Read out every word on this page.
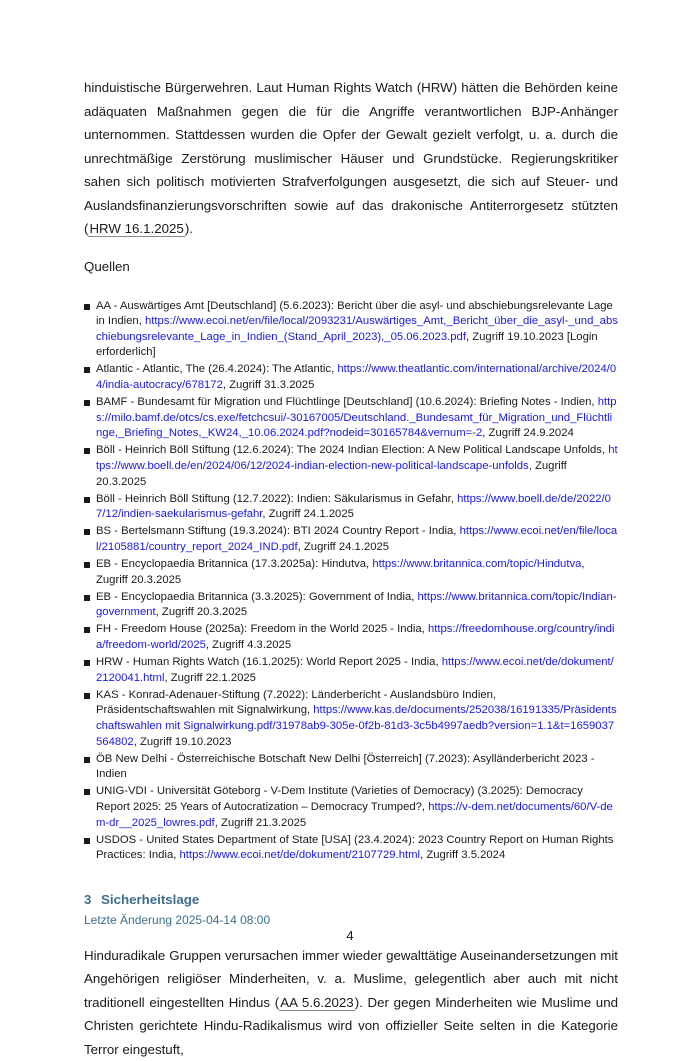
hinduistische Bürgerwehren. Laut Human Rights Watch (HRW) hätten die Behörden keine adäquaten Maßnahmen gegen die für die Angriffe verantwortlichen BJP-Anhänger unternommen. Stattdessen wurden die Opfer der Gewalt gezielt verfolgt, u. a. durch die unrechtmäßige Zerstörung muslimischer Häuser und Grundstücke. Regierungskritiker sahen sich politisch motivierten Strafverfolgungen ausgesetzt, die sich auf Steuer- und Auslandsfinanzierungsvorschriften sowie auf das drakonische Antiterrorgesetz stützten (HRW 16.1.2025).

Quellen

AA - Auswärtiges Amt [Deutschland] (5.6.2023): Bericht über die asyl- und abschiebungsrelevante Lage in Indien, https://www.ecoi.net/en/file/local/2093231/Auswärtiges_Amt,_Bericht_über_die_asyl-_und_abschiebungsrelevante_Lage_in_Indien_(Stand_April_2023),_05.06.2023.pdf, Zugriff 19.10.2023 [Login erforderlich]
Atlantic - Atlantic, The (26.4.2024): The Atlantic, https://www.theatlantic.com/international/archive/2024/04/india-autocracy/678172, Zugriff 31.3.2025
BAMF - Bundesamt für Migration und Flüchtlinge [Deutschland] (10.6.2024): Briefing Notes - Indien, https://milo.bamf.de/otcs/cs.exe/fetchcsui/-30167005/Deutschland._Bundesamt_für_Migration_und_Flüchtlinge,_Briefing_Notes,_KW24,_10.06.2024.pdf?nodeid=30165784&vernum=-2, Zugriff 24.9.2024
Böll - Heinrich Böll Stiftung (12.6.2024): The 2024 Indian Election: A New Political Landscape Unfolds, https://www.boell.de/en/2024/06/12/2024-indian-election-new-political-landscape-unfolds, Zugriff 20.3.2025
Böll - Heinrich Böll Stiftung (12.7.2022): Indien: Säkularismus in Gefahr, https://www.boell.de/de/2022/07/12/indien-saekularismus-gefahr, Zugriff 24.1.2025
BS - Bertelsmann Stiftung (19.3.2024): BTI 2024 Country Report - India, https://www.ecoi.net/en/file/local/2105881/country_report_2024_IND.pdf, Zugriff 24.1.2025
EB - Encyclopaedia Britannica (17.3.2025a): Hindutva, https://www.britannica.com/topic/Hindutva, Zugriff 20.3.2025
EB - Encyclopaedia Britannica (3.3.2025): Government of India, https://www.britannica.com/topic/Indian-government, Zugriff 20.3.2025
FH - Freedom House (2025a): Freedom in the World 2025 - India, https://freedomhouse.org/country/india/freedom-world/2025, Zugriff 4.3.2025
HRW - Human Rights Watch (16.1.2025): World Report 2025 - India, https://www.ecoi.net/de/dokument/2120041.html, Zugriff 22.1.2025
KAS - Konrad-Adenauer-Stiftung (7.2022): Länderbericht - Auslandsbüro Indien, Präsidentschaftswahlen mit Signalwirkung, https://www.kas.de/documents/252038/16191335/Präsidentschaftswahlen mit Signalwirkung.pdf/31978ab9-305e-0f2b-81d3-3c5b4997aedb?version=1.1&t=1659037564802, Zugriff 19.10.2023
ÖB New Delhi - Österreichische Botschaft New Delhi [Österreich] (7.2023): Asylländerbericht 2023 - Indien
UNIG-VDI - Universität Göteborg - V-Dem Institute (Varieties of Democracy) (3.2025): Democracy Report 2025: 25 Years of Autocratization – Democracy Trumped?, https://v-dem.net/documents/60/V-dem-dr__2025_lowres.pdf, Zugriff 21.3.2025
USDOS - United States Department of State [USA] (23.4.2024): 2023 Country Report on Human Rights Practices: India, https://www.ecoi.net/de/dokument/2107729.html, Zugriff 3.5.2024
3 Sicherheitslage
Letzte Änderung 2025-04-14 08:00

Hinduradikale Gruppen verursachen immer wieder gewalttätige Auseinandersetzungen mit Angehörigen religiöser Minderheiten, v. a. Muslime, gelegentlich aber auch mit nicht traditionell eingestellten Hindus (AA 5.6.2023). Der gegen Minderheiten wie Muslime und Christen gerichtete Hindu-Radikalismus wird von offizieller Seite selten in die Kategorie Terror eingestuft,

4
